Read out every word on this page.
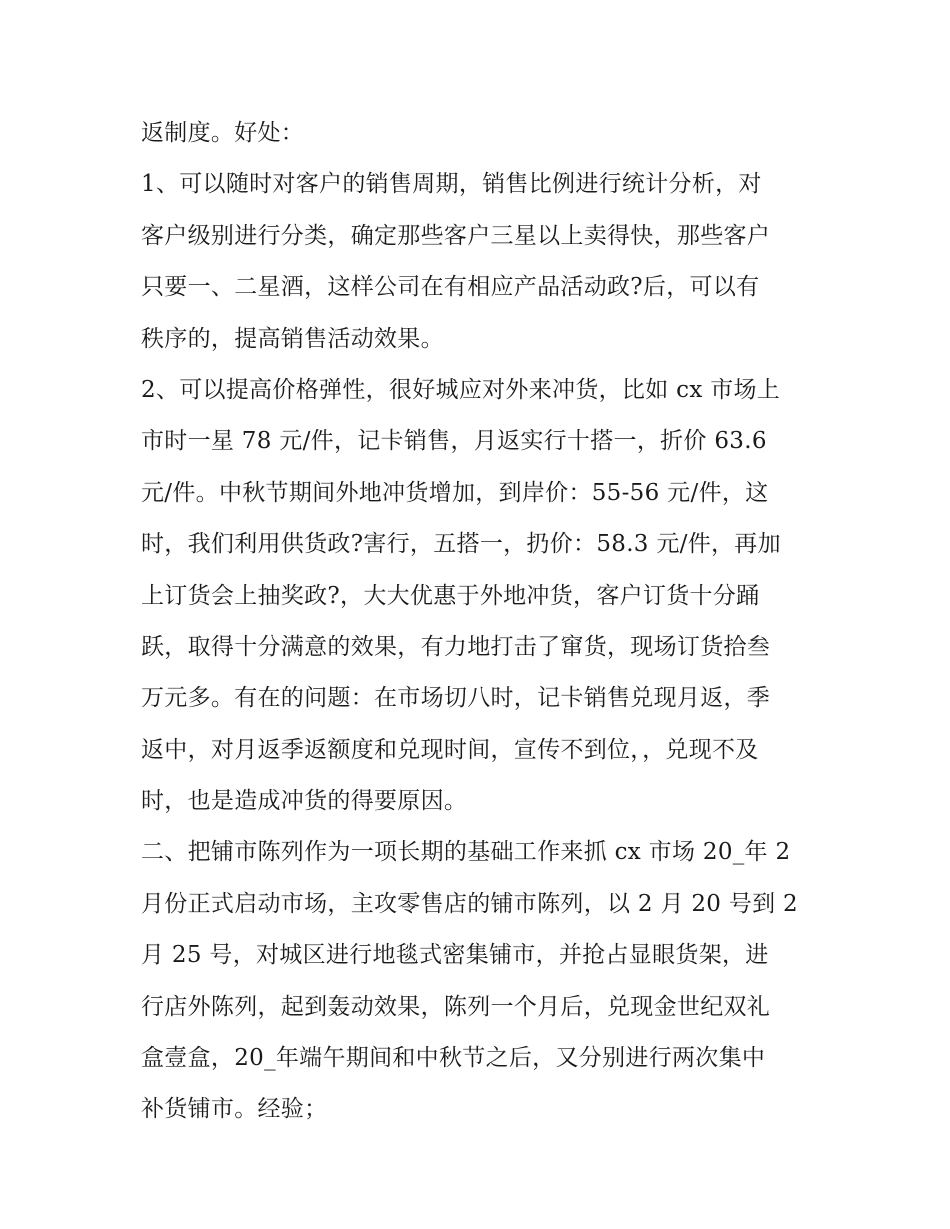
返制度。好处：
1、可以随时对客户的销售周期，销售比例进行统计分析，对
客户级别进行分类，确定那些客户三星以上卖得快，那些客户
只要一、二星酒，这样公司在有相应产品活动政?后，可以有
秩序的，提高销售活动效果。
2、可以提高价格弹性，很好城应对外来冲货，比如 cx 市场上
市时一星 78 元/件，记卡销售，月返实行十搭一，折价 63.6
元/件。中秋节期间外地冲货增加，到岸价：55-56 元/件，这
时，我们利用供货政?害行，五搭一，扔价：58.3 元/件，再加
上订货会上抽奖政?，大大优惠于外地冲货，客户订货十分踊
跃，取得十分满意的效果，有力地打击了窜货，现场订货拾叁
万元多。有在的问题：在市场切八时，记卡销售兑现月返，季
返中，对月返季返额度和兑现时间，宣传不到位，，兑现不及
时，也是造成冲货的得要原因。
二、把铺市陈列作为一项长期的基础工作来抓 cx 市场 20_年 2
月份正式启动市场，主攻零售店的铺市陈列，以 2 月 20 号到 2
月 25 号，对城区进行地毯式密集铺市，并抢占显眼货架，进
行店外陈列，起到轰动效果，陈列一个月后，兑现金世纪双礼
盒壹盒，20_年端午期间和中秋节之后，又分别进行两次集中
补货铺市。经验；
